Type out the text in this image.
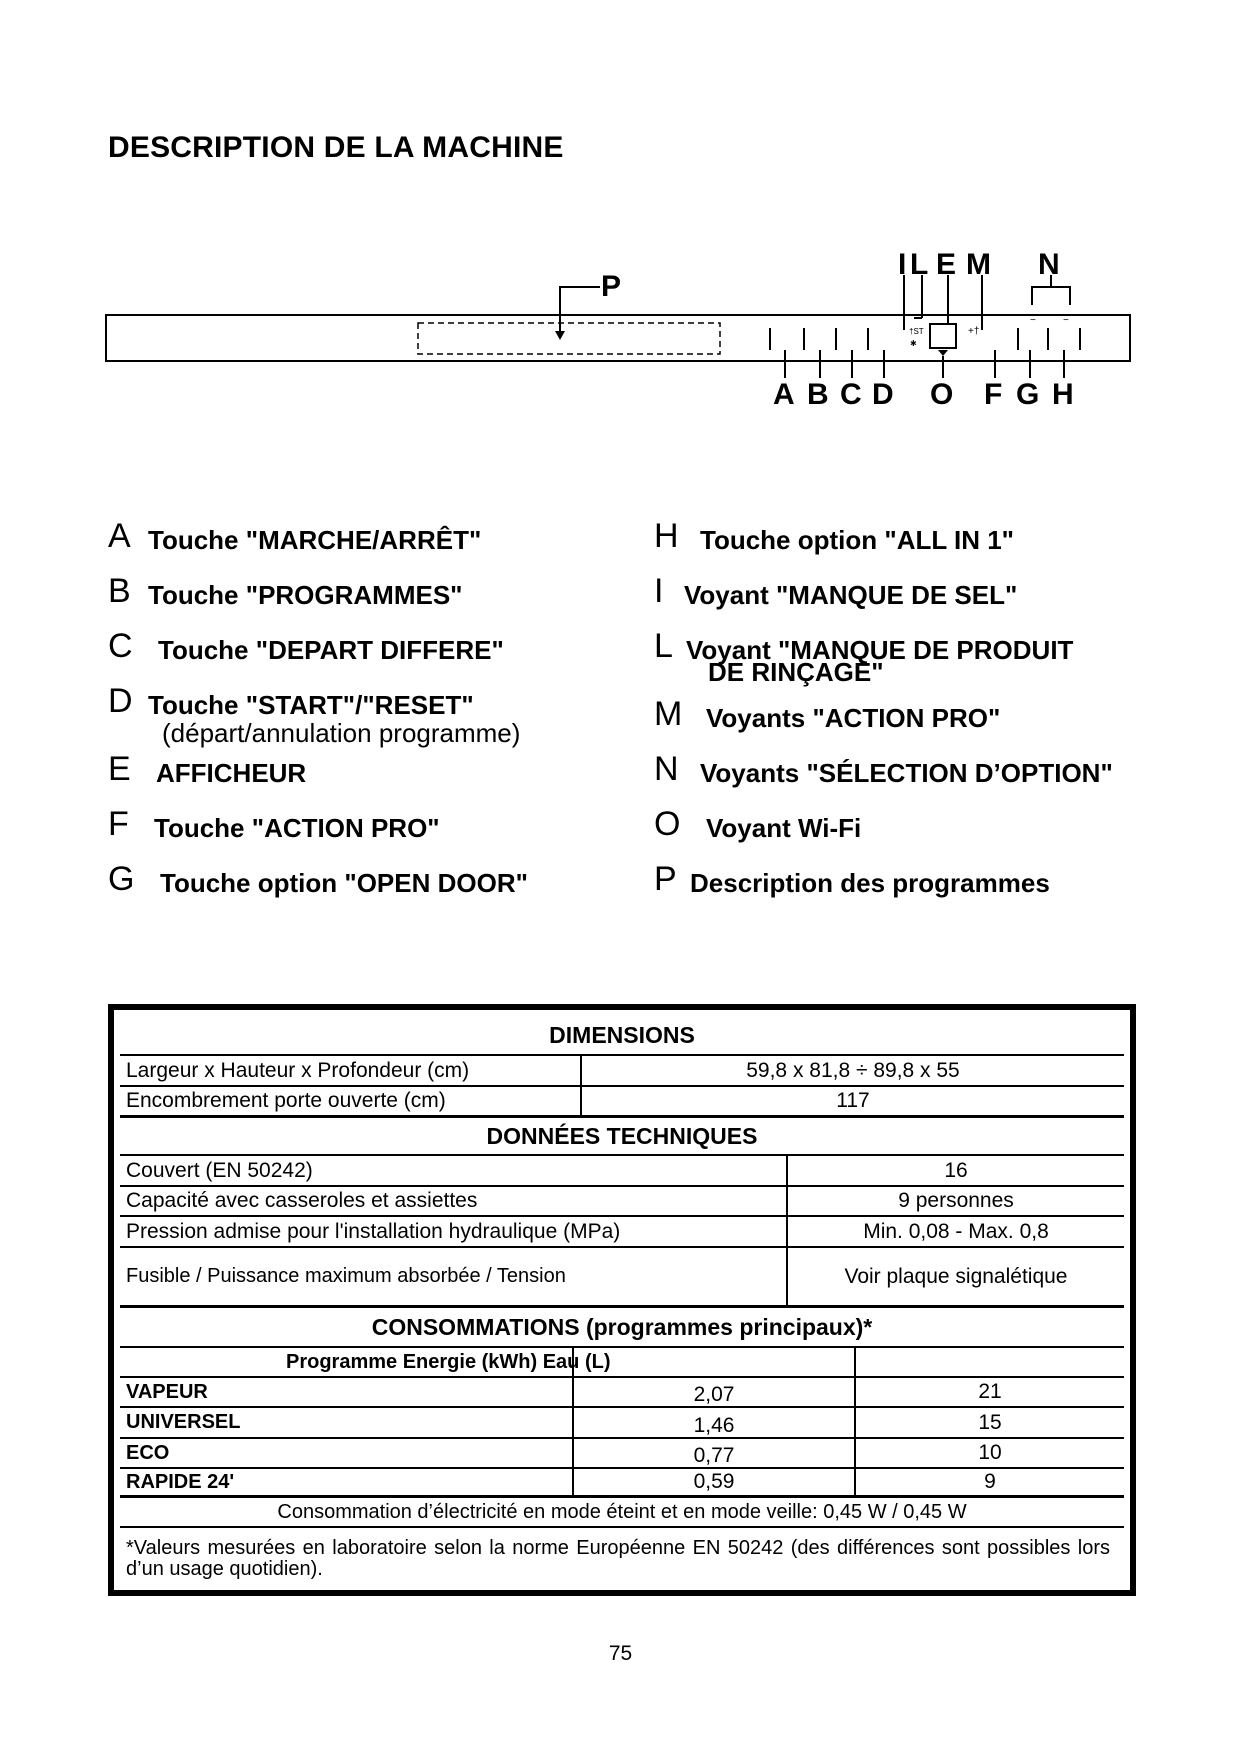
DESCRIPTION DE LA MACHINE
†ST
✱
+†
−	−
P
I L E M N
A B C D O F G H
A Touche "MARCHE/ARRÊT"
B Touche "PROGRAMMES"
C Touche "DEPART DIFFERE"
D Touche "START"/"RESET"
(départ/annulation programme)
E AFFICHEUR
F Touche "ACTION PRO"
G Touche option "OPEN DOOR"
H Touche option "ALL IN 1"
I Voyant "MANQUE DE SEL"
L Voyant "MANQUE DE PRODUIT
DE RINÇAGE"
M Voyants "ACTION PRO"
N Voyants "SÉLECTION D’OPTION"
O Voyant Wi-Fi
P Description des programmes
DIMENSIONS
Largeur x Hauteur x Profondeur (cm)	59,8 x 81,8 ÷ 89,8 x 55
Encombrement porte ouverte (cm)	117
DONNÉES TECHNIQUES
Couvert (EN 50242)	16
Capacité avec casseroles et assiettes	9 personnes
Pression admise pour l'installation hydraulique (MPa)	Min. 0,08 - Max. 0,8
Fusible / Puissance maximum absorbée / Tension	Voir plaque signalétique
CONSOMMATIONS (programmes principaux)*
Programme Energie (kWh) Eau (L)
VAPEUR	2,07	21
UNIVERSEL	1,46	15
ECO	0,77	10
RAPIDE 24'	0,59	9
Consommation d’électricité en mode éteint et en mode veille: 0,45 W / 0,45 W
*Valeurs mesurées en laboratoire selon la norme Européenne EN 50242 (des différences sont possibles lors d’un usage quotidien).
75
